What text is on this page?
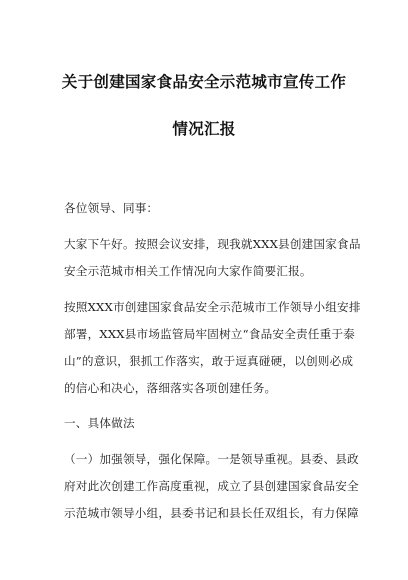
关于创建国家食品安全示范城市宣传工作
情况汇报
各位领导、同事：
大家下午好。按照会议安排，现我就XXX县创建国家食品
安全示范城市相关工作情况向大家作简要汇报。
按照XXX市创建国家食品安全示范城市工作领导小组安排
部署，XXX县市场监管局牢固树立“食品安全责任重于泰
山”的意识，狠抓工作落实，敢于逗真碰硬，以创则必成
的信心和决心，落细落实各项创建任务。
一、具体做法
（一）加强领导，强化保障。一是领导重视。县委、县政
府对此次创建工作高度重视，成立了县创建国家食品安全
示范城市领导小组，县委书记和县长任双组长，有力保障
